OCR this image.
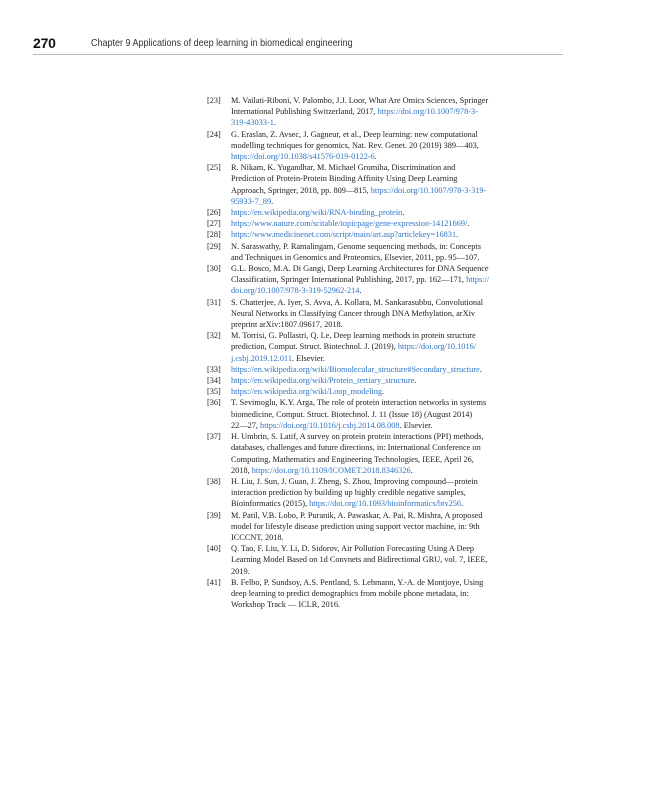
270	Chapter 9 Applications of deep learning in biomedical engineering
[23] M. Vailati-Riboni, V. Palombo, J.J. Loor, What Are Omics Sciences, Springer
International Publishing Switzerland, 2017, https://doi.org/10.1007/978-3-
319-43033-1.
[24] G. Eraslan, Z. Avsec, J. Gagneur, et al., Deep learning: new computational
modelling techniques for genomics, Nat. Rev. Genet. 20 (2019) 389—403,
https://doi.org/10.1038/s41576-019-0122-6.
[25] R. Nikam, K. Yugandhar, M. Michael Gromiha, Discrimination and
Prediction of Protein-Protein Binding Affinity Using Deep Learning
Approach, Springer, 2018, pp. 809—815, https://doi.org/10.1007/978-3-319-
95933-7_89.
[26] https://en.wikipedia.org/wiki/RNA-binding_protein.
[27] https://www.nature.com/scitable/topicpage/gene-expression-14121669/.
[28] https://www.medicinenet.com/script/main/art.asp?articlekey=16831.
[29] N. Saraswathy, P. Ramalingam, Genome sequencing methods, in: Concepts
and Techniques in Genomics and Proteomics, Elsevier, 2011, pp. 95—107.
[30] G.L. Bosco, M.A. Di Gangi, Deep Learning Architectures for DNA Sequence
Classification, Springer International Publishing, 2017, pp. 162—171, https://
doi.org/10.1007/978-3-319-52962-214.
[31] S. Chatterjee, A. Iyer, S. Avva, A. Kollara, M. Sankarasubbu, Convolutional
Neural Networks in Classifying Cancer through DNA Methylation, arXiv
preprint arXiv:1807.09617, 2018.
[32] M. Torrisi, G. Pollastri, Q. Le, Deep learning methods in protein structure
prediction, Comput. Struct. Biotechnol. J. (2019), https://doi.org/10.1016/
j.csbj.2019.12.011. Elsevier.
[33] https://en.wikipedia.org/wiki/Biomolecular_structure#Secondary_structure.
[34] https://en.wikipedia.org/wiki/Protein_tertiary_structure.
[35] https://en.wikipedia.org/wiki/Loop_modeling.
[36] T. Sevimoglu, K.Y. Arga, The role of protein interaction networks in systems
biomedicine, Comput. Struct. Biotechnol. J. 11 (Issue 18) (August 2014)
22—27, https://doi.org/10.1016/j.csbj.2014.08.008. Elsevier.
[37] H. Umbrin, S. Latif, A survey on protein protein interactions (PPI) methods,
databases, challenges and future directions, in: International Conference on
Computing, Mathematics and Engineering Technologies, IEEE, April 26,
2018, https://doi.org/10.1109/ICOMET.2018.8346326.
[38] H. Liu, J. Sun, J. Guan, J. Zheng, S. Zhou, Improving compound—protein
interaction prediction by building up highly credible negative samples,
Bioinformatics (2015), https://doi.org/10.1093/bioinformatics/btv256.
[39] M. Patil, V.B. Lobo, P. Puranik, A. Pawaskar, A. Pai, R. Mishra, A proposed
model for lifestyle disease prediction using support vector machine, in: 9th
ICCCNT, 2018.
[40] Q. Tao, F. Liu, Y. Li, D. Sidorov, Air Pollution Forecasting Using A Deep
Learning Model Based on 1d Convnets and Bidirectional GRU, vol. 7, IEEE,
2019.
[41] B. Felbo, P. Sundsoy, A.S. Pentland, S. Lehmann, Y.-A. de Montjoye, Using
deep learning to predict demographics from mobile phone metadata, in:
Workshop Track — ICLR, 2016.
